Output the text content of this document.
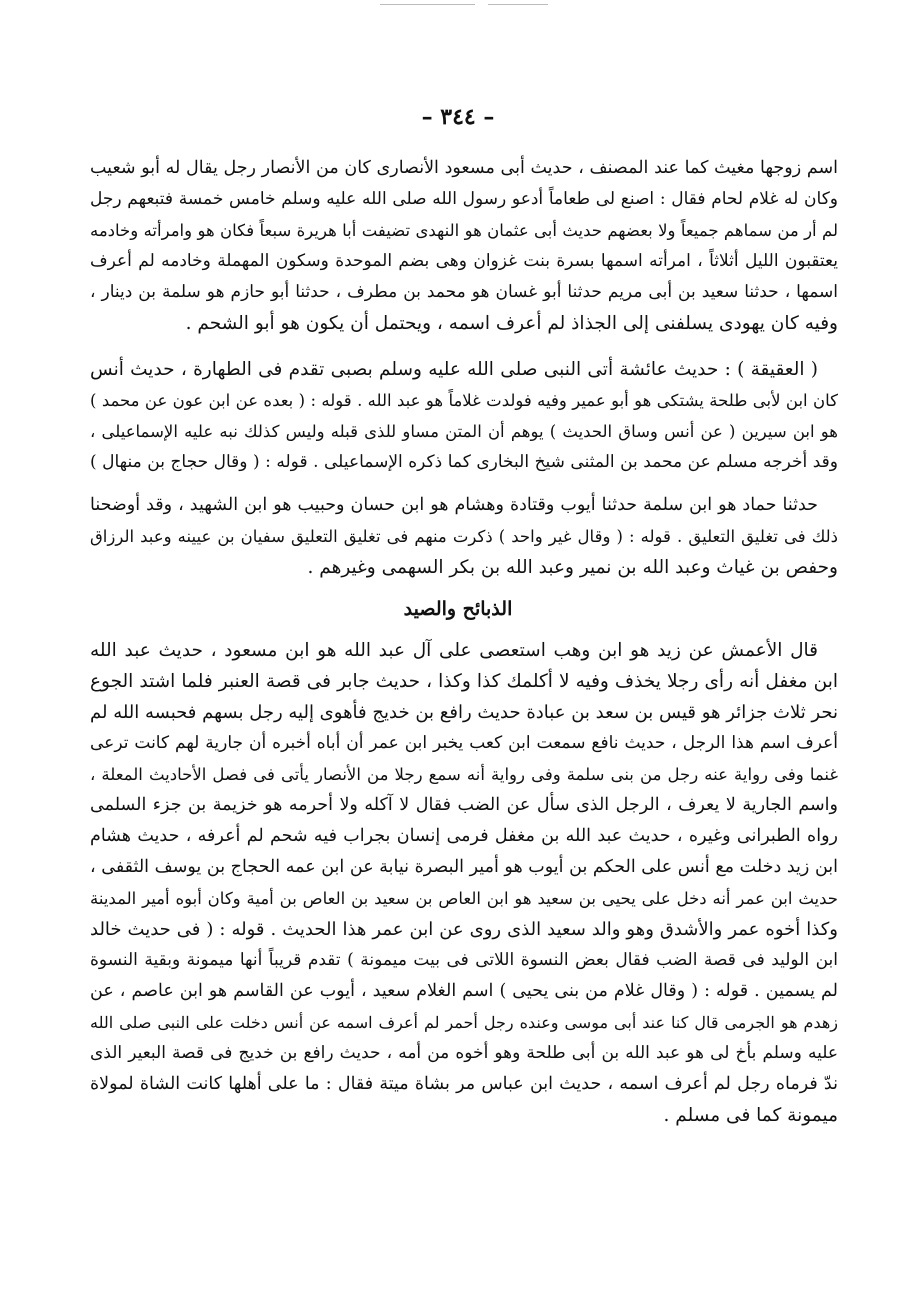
– ٣٤٤ –
اسم زوجها مغيث كما عند المصنف ، حديث أبى مسعود الأنصارى كان من الأنصار رجل يقال له أبو شعيب
وكان له غلام لحام فقال : اصنع لى طعاماً أدعو رسول الله صلى الله عليه وسلم خامس خمسة فتبعهم رجل
لم أر من سماهم جميعاً ولا بعضهم حديث أبى عثمان هو النهدى تضيفت أبا هريرة سبعاً فكان هو وامرأته وخادمه
يعتقبون الليل أثلاثاً ، امرأته اسمها بسرة بنت غزوان وهى بضم الموحدة وسكون المهملة وخادمه لم أعرف
اسمها ، حدثنا سعيد بن أبى مريم حدثنا أبو غسان هو محمد بن مطرف ، حدثنا أبو حازم هو سلمة بن دينار ،
وفيه كان يهودى يسلفنى إلى الجذاذ لم أعرف اسمه ، ويحتمل أن يكون هو أبو الشحم .
( العقيقة ) : حديث عائشة أتى النبى صلى الله عليه وسلم بصبى تقدم فى الطهارة ، حديث أنس
كان ابن لأبى طلحة يشتكى هو أبو عمير وفيه فولدت غلاماً هو عبد الله . قوله : ( بعده عن ابن عون عن محمد )
هو ابن سيرين ( عن أنس وساق الحديث ) يوهم أن المتن مساو للذى قبله وليس كذلك نبه عليه الإسماعيلى ،
وقد أخرجه مسلم عن محمد بن المثنى شيخ البخارى كما ذكره الإسماعيلى . قوله : ( وقال حجاج بن منهال )
حدثنا حماد هو ابن سلمة حدثنا أيوب وقتادة وهشام هو ابن حسان وحبيب هو ابن الشهيد ، وقد أوضحنا
ذلك فى تغليق التعليق . قوله : ( وقال غير واحد ) ذكرت منهم فى تغليق التعليق سفيان بن عيينه وعبد الرزاق
وحفص بن غياث وعبد الله بن نمير وعبد الله بن بكر السهمى وغيرهم .
الذبائح والصيد
قال الأعمش عن زيد هو ابن وهب استعصى على آل عبد الله هو ابن مسعود ، حديث عبد الله
ابن مغفل أنه رأى رجلا يخذف وفيه لا أكلمك كذا وكذا ، حديث جابر فى قصة العنبر فلما اشتد الجوع
نحر ثلاث جزائر هو قيس بن سعد بن عبادة حديث رافع بن خديج فأهوى إليه رجل بسهم فحبسه الله لم
أعرف اسم هذا الرجل ، حديث نافع سمعت ابن كعب يخبر ابن عمر أن أباه أخبره أن جارية لهم كانت ترعى
غنما وفى رواية عنه رجل من بنى سلمة وفى رواية أنه سمع رجلا من الأنصار يأتى فى فصل الأحاديث المعلة ،
واسم الجارية لا يعرف ، الرجل الذى سأل عن الضب فقال لا آكله ولا أحرمه هو خزيمة بن جزء السلمى
رواه الطبرانى وغيره ، حديث عبد الله بن مغفل فرمى إنسان بجراب فيه شحم لم أعرفه ، حديث هشام
ابن زيد دخلت مع أنس على الحكم بن أيوب هو أمير البصرة نيابة عن ابن عمه الحجاج بن يوسف الثقفى ،
حديث ابن عمر أنه دخل على يحيى بن سعيد هو ابن العاص بن سعيد بن العاص بن أمية وكان أبوه أمير المدينة
وكذا أخوه عمر والأشدق وهو والد سعيد الذى روى عن ابن عمر هذا الحديث . قوله : ( فى حديث خالد
ابن الوليد فى قصة الضب فقال بعض النسوة اللاتى فى بيت ميمونة ) تقدم قريباً أنها ميمونة وبقية النسوة
لم يسمين . قوله : ( وقال غلام من بنى يحيى ) اسم الغلام سعيد ، أيوب عن القاسم هو ابن عاصم ، عن
زهدم هو الجرمى قال كنا عند أبى موسى وعنده رجل أحمر لم أعرف اسمه عن أنس دخلت على النبى صلى الله
عليه وسلم بأخ لى هو عبد الله بن أبى طلحة وهو أخوه من أمه ، حديث رافع بن خديج فى قصة البعير الذى
ندّ فرماه رجل لم أعرف اسمه ، حديث ابن عباس مر بشاة ميتة فقال : ما على أهلها كانت الشاة لمولاة
ميمونة كما فى مسلم .
